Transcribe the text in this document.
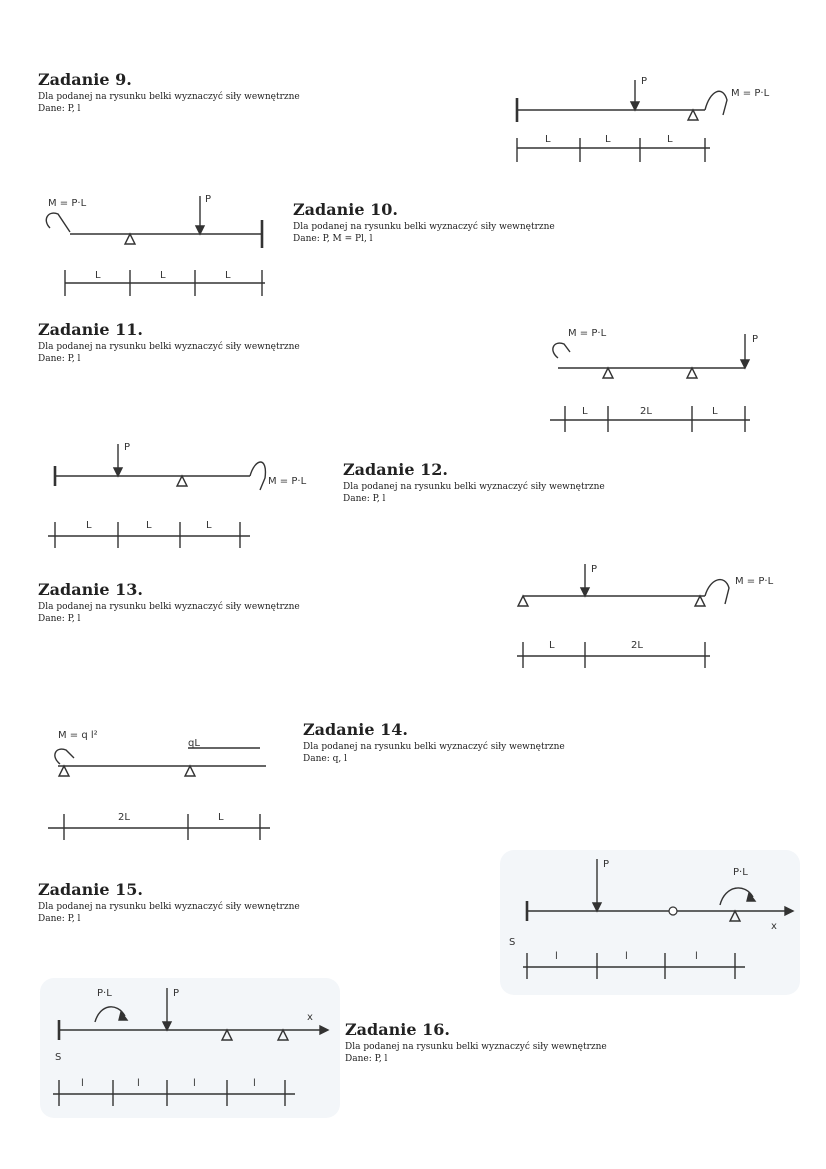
Zadanie 9.

Dla podanej na rysunku belki wyznaczyć siły wewnętrzne

Dane: P, l

P
M = P·L
L	L	L
M = P·L	P
L	L	L

Zadanie 10.

Dla podanej na rysunku belki wyznaczyć siły wewnętrzne

Dane: P, M = Pl, l

Zadanie 11.

Dla podanej na rysunku belki wyznaczyć siły wewnętrzne

Dane: P, l

M = P·L
P
L	2L	L
P
M = P·L
L	L	L

Zadanie 12.

Dla podanej na rysunku belki wyznaczyć siły wewnętrzne

Dane: P, l

Zadanie 13.

Dla podanej na rysunku belki wyznaczyć siły wewnętrzne

Dane: P, l

P
M = P·L
L	2L
M = q l²
qL
2L	L

Zadanie 14.

Dla podanej na rysunku belki wyznaczyć siły wewnętrzne

Dane: q, l

Zadanie 15.

Dla podanej na rysunku belki wyznaczyć siły wewnętrzne

Dane: P, l

x
P
P·L
S
l	l	l
P·L
x
P
S
l	l	l	l

Zadanie 16.

Dla podanej na rysunku belki wyznaczyć siły wewnętrzne

Dane: P, l
